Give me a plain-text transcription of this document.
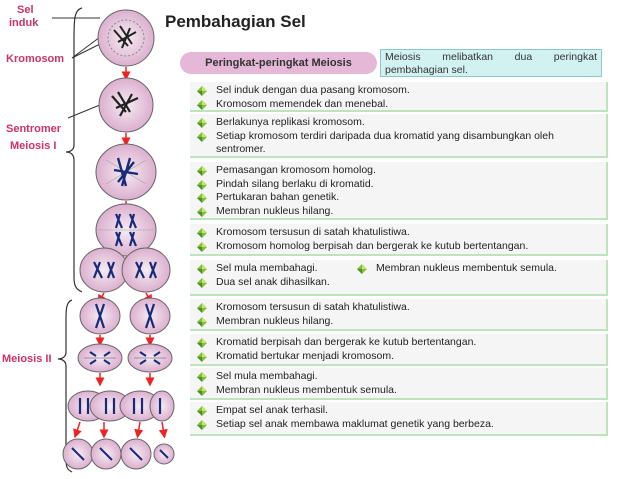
Sel
induk
Kromosom
Sentromer
Meiosis I
Meiosis II
Pembahagian Sel
Peringkat-peringkat Meiosis	Meiosis melibatkan dua peringkat pembahagian sel.
Sel induk dengan dua pasang kromosom.
Kromosom memendek dan menebal.
Berlakunya replikasi kromosom.
Setiap kromosom terdiri daripada dua kromatid yang disambungkan oleh sentromer.
Pemasangan kromosom homolog.
Pindah silang berlaku di kromatid.
Pertukaran bahan genetik.
Membran nukleus hilang.
Kromosom tersusun di satah khatulistiwa.
Kromosom homolog berpisah dan bergerak ke kutub bertentangan.
Sel mula membahagi.
Dua sel anak dihasilkan.
Membran nukleus membentuk semula.
Kromosom tersusun di satah khatulistiwa.
Membran nukleus hilang.
Kromatid berpisah dan bergerak ke kutub bertentangan.
Kromatid bertukar menjadi kromosom.
Sel mula membahagi.
Membran nukleus membentuk semula.
Empat sel anak terhasil.
Setiap sel anak membawa maklumat genetik yang berbeza.
